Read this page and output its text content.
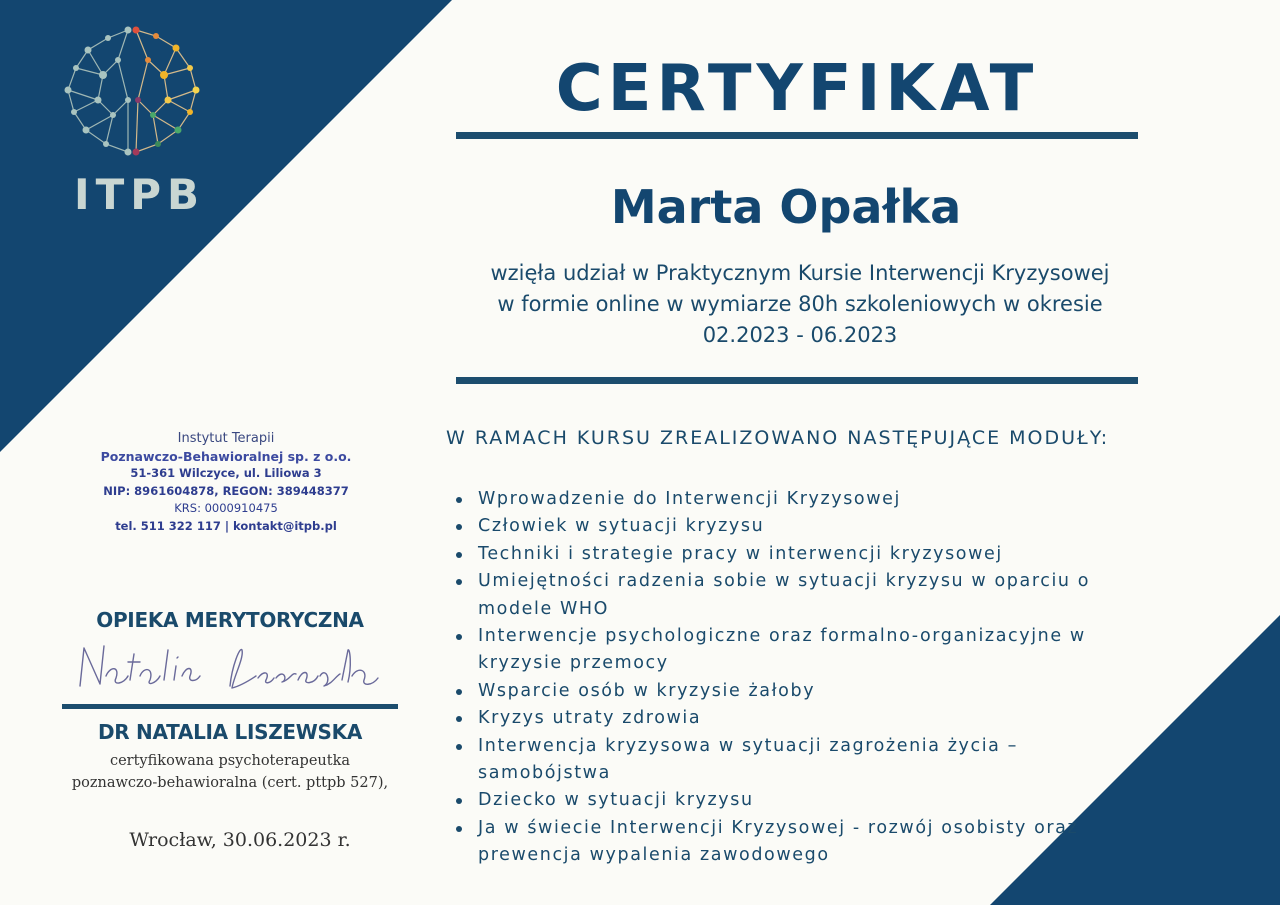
ITPB
CERTYFIKAT
Marta Opałka
wzięła udział w Praktycznym Kursie Interwencji Kryzysowej
w formie online w wymiarze 80h szkoleniowych w okresie
02.2023 - 06.2023
W RAMACH KURSU ZREALIZOWANO NASTĘPUJĄCE MODUŁY:
Wprowadzenie do Interwencji Kryzysowej
Człowiek w sytuacji kryzysu
Techniki i strategie pracy w interwencji kryzysowej
Umiejętności radzenia sobie w sytuacji kryzysu w oparciu o modele WHO
Interwencje psychologiczne oraz formalno-organizacyjne w kryzysie przemocy
Wsparcie osób w kryzysie żałoby
Kryzys utraty zdrowia
Interwencja kryzysowa w sytuacji zagrożenia życia – samobójstwa
Dziecko w sytuacji kryzysu
Ja w świecie Interwencji Kryzysowej - rozwój osobisty oraz prewencja wypalenia zawodowego
Instytut Terapii
Poznawczo-Behawioralnej sp. z o.o.
51-361 Wilczyce, ul. Liliowa 3
NIP: 8961604878, REGON: 389448377
KRS: 0000910475
tel. 511 322 117 | kontakt@itpb.pl
OPIEKA MERYTORYCZNA
DR NATALIA LISZEWSKA
certyfikowana psychoterapeutka
poznawczo-behawioralna (cert. pttpb 527),
Wrocław, 30.06.2023 r.
